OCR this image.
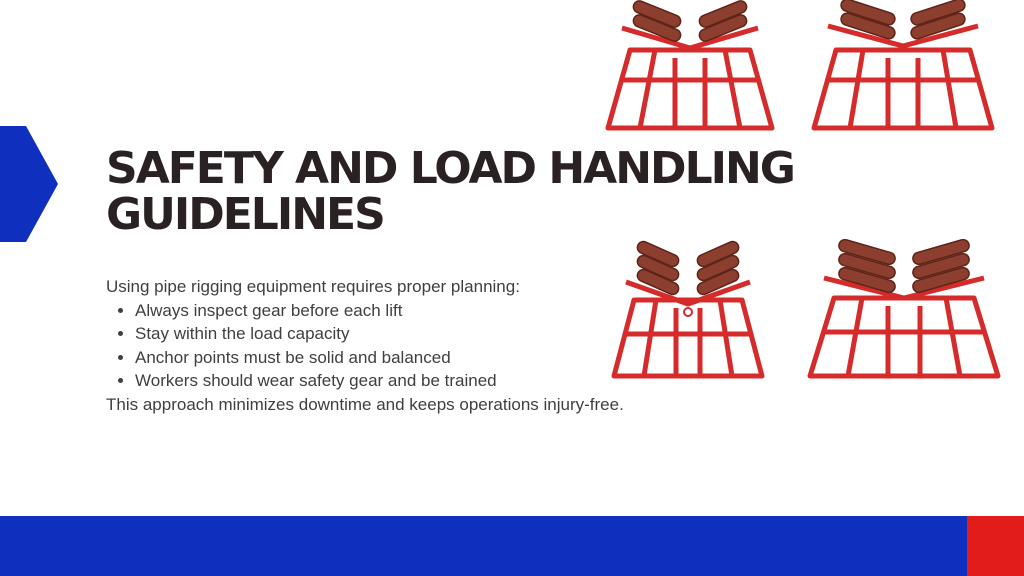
SAFETY AND LOAD HANDLING
GUIDELINES

Using pipe rigging equipment requires proper planning:

• Always inspect gear before each lift
• Stay within the load capacity
• Anchor points must be solid and balanced
• Workers should wear safety gear and be trained

This approach minimizes downtime and keeps operations injury-free.
